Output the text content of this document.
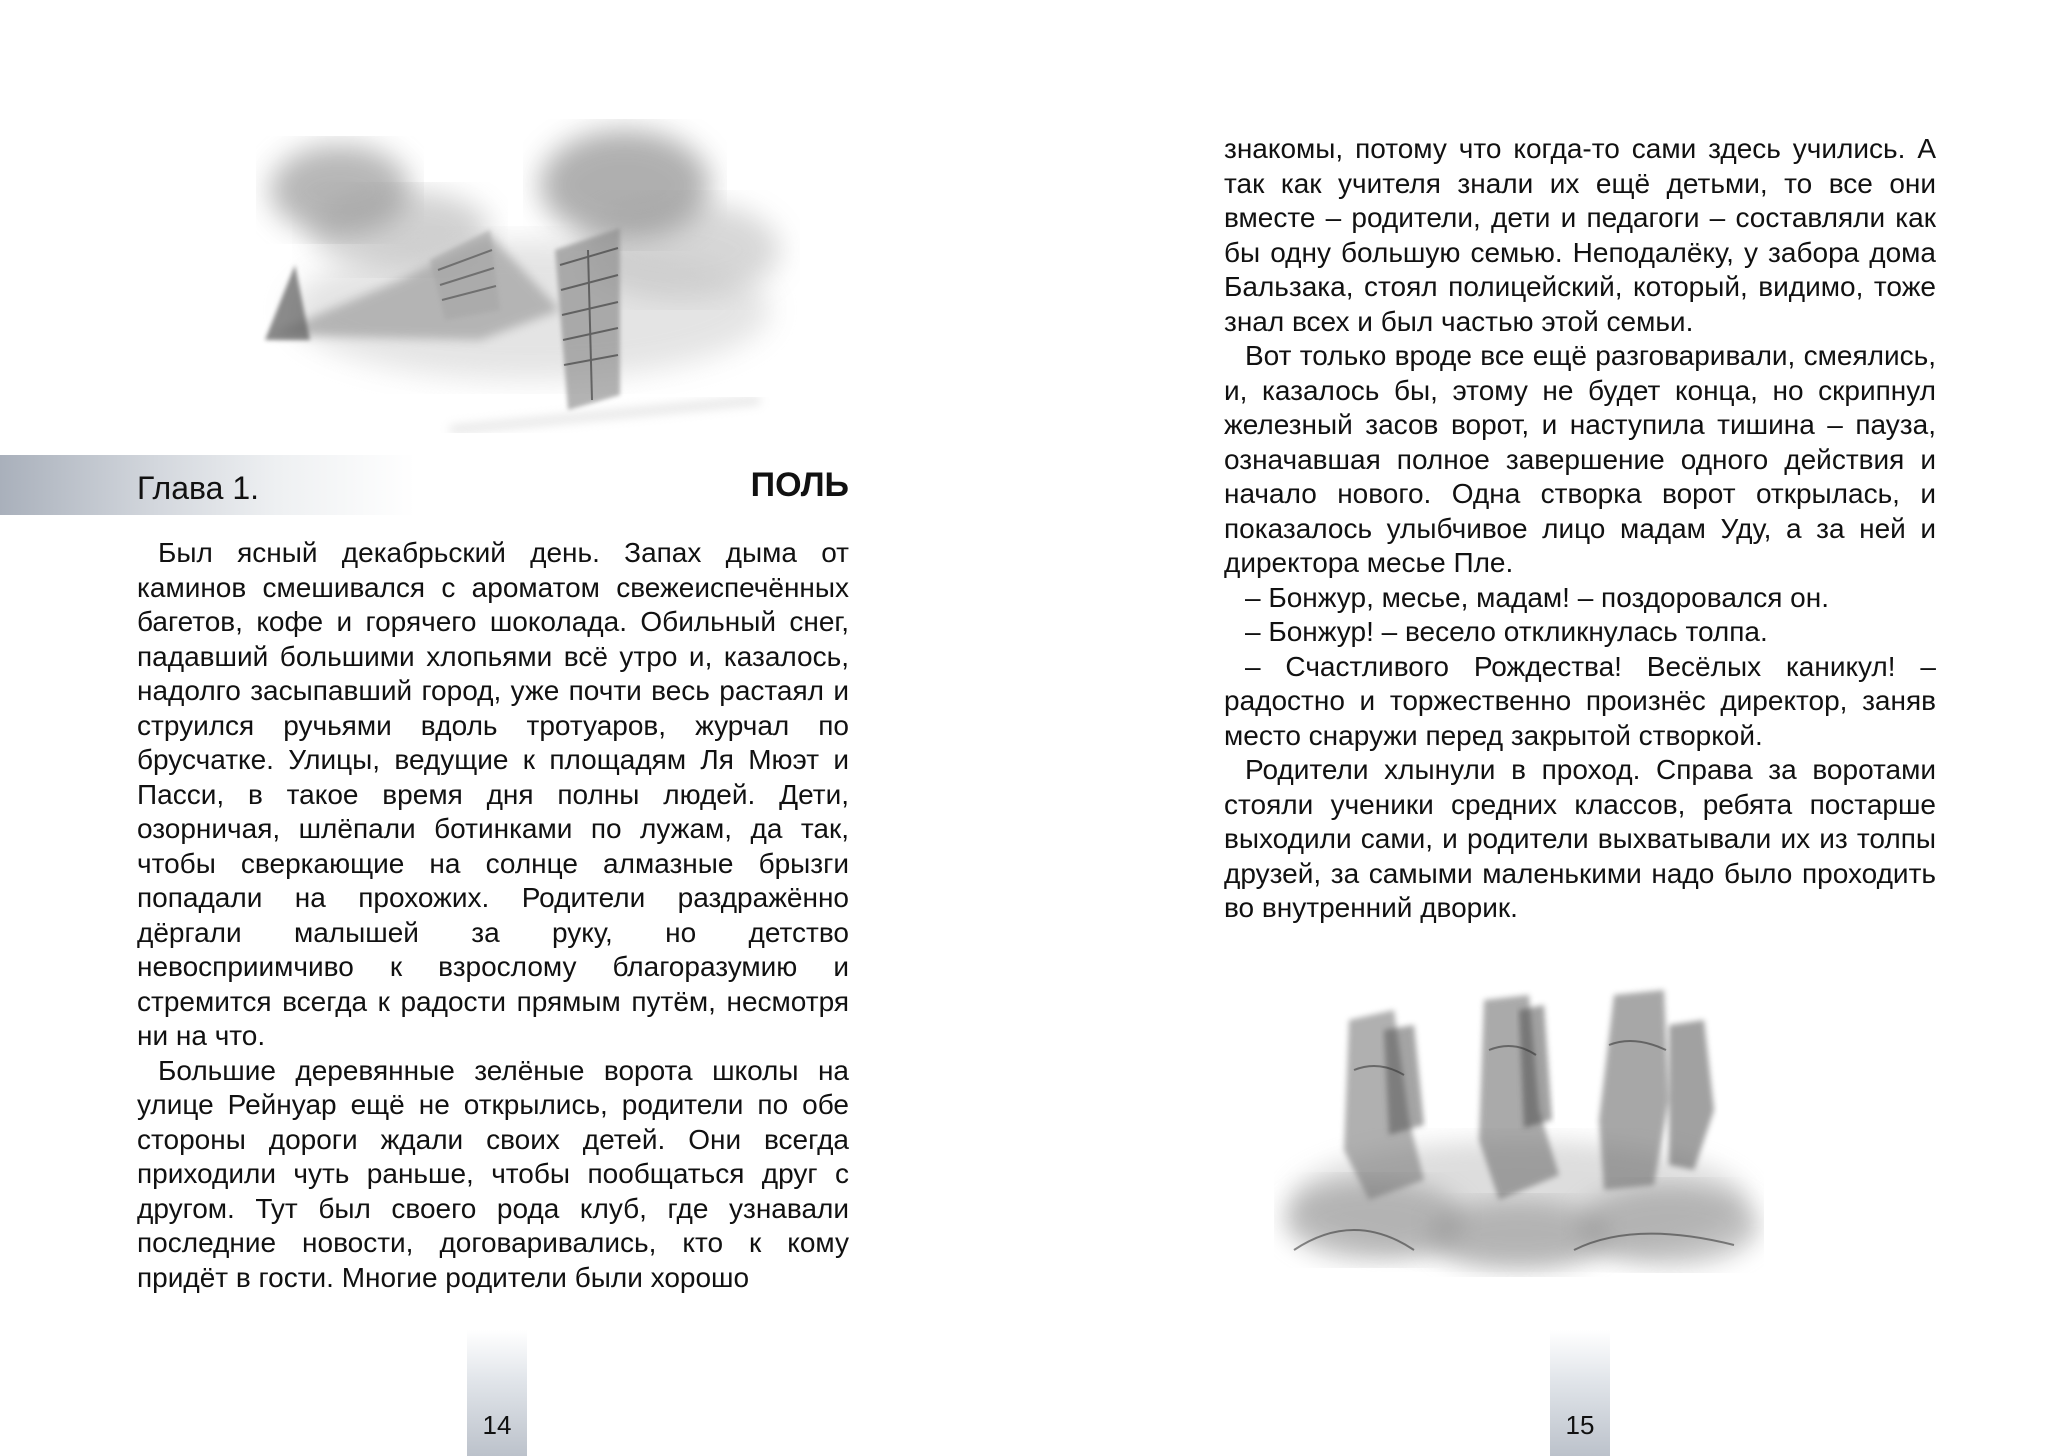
Глава 1.	ПОЛЬ

Был ясный декабрьский день. Запах дыма от каминов смешивался с ароматом свежеиспечённых багетов, кофе и горячего шоколада. Обильный снег, падавший большими хлопьями всё утро и, казалось, надолго засыпавший город, уже почти весь растаял и струился ручьями вдоль тротуаров, журчал по брусчатке. Улицы, ведущие к площадям Ля Мюэт и Пасси, в такое время дня полны людей. Дети, озорничая, шлёпали ботинками по лужам, да так, чтобы сверкающие на солнце алмазные брызги попадали на прохожих. Родители раздражённо дёргали малышей за руку, но детство невосприимчиво к взрослому благоразумию и стремится всегда к радости прямым путём, несмотря ни на что.

Большие деревянные зелёные ворота школы на улице Рейнуар ещё не открылись, родители по обе стороны дороги ждали своих детей. Они всегда приходили чуть раньше, чтобы пообщаться друг с другом. Тут был своего рода клуб, где узнавали последние новости, договаривались, кто к кому придёт в гости. Многие родители были хорошо

14

знакомы, потому что когда-то сами здесь учились. А так как учителя знали их ещё детьми, то все они вместе – родители, дети и педагоги – составляли как бы одну большую семью. Неподалёку, у забора дома Бальзака, стоял полицейский, который, видимо, тоже знал всех и был частью этой семьи.

Вот только вроде все ещё разговаривали, смеялись, и, казалось бы, этому не будет конца, но скрипнул железный засов ворот, и наступила тишина – пауза, означавшая полное завершение одного действия и начало нового. Одна створка ворот открылась, и показалось улыбчивое лицо мадам Уду, а за ней и директора месье Пле.

– Бонжур, месье, мадам! – поздоровался он.

– Бонжур! – весело откликнулась толпа.

– Счастливого Рождества! Весёлых каникул! – радостно и торжественно произнёс директор, заняв место снаружи перед закрытой створкой.

Родители хлынули в проход. Справа за воротами стояли ученики средних классов, ребята постарше выходили сами, и родители выхватывали их из толпы друзей, за самыми маленькими надо было проходить во внутренний дворик.

15
